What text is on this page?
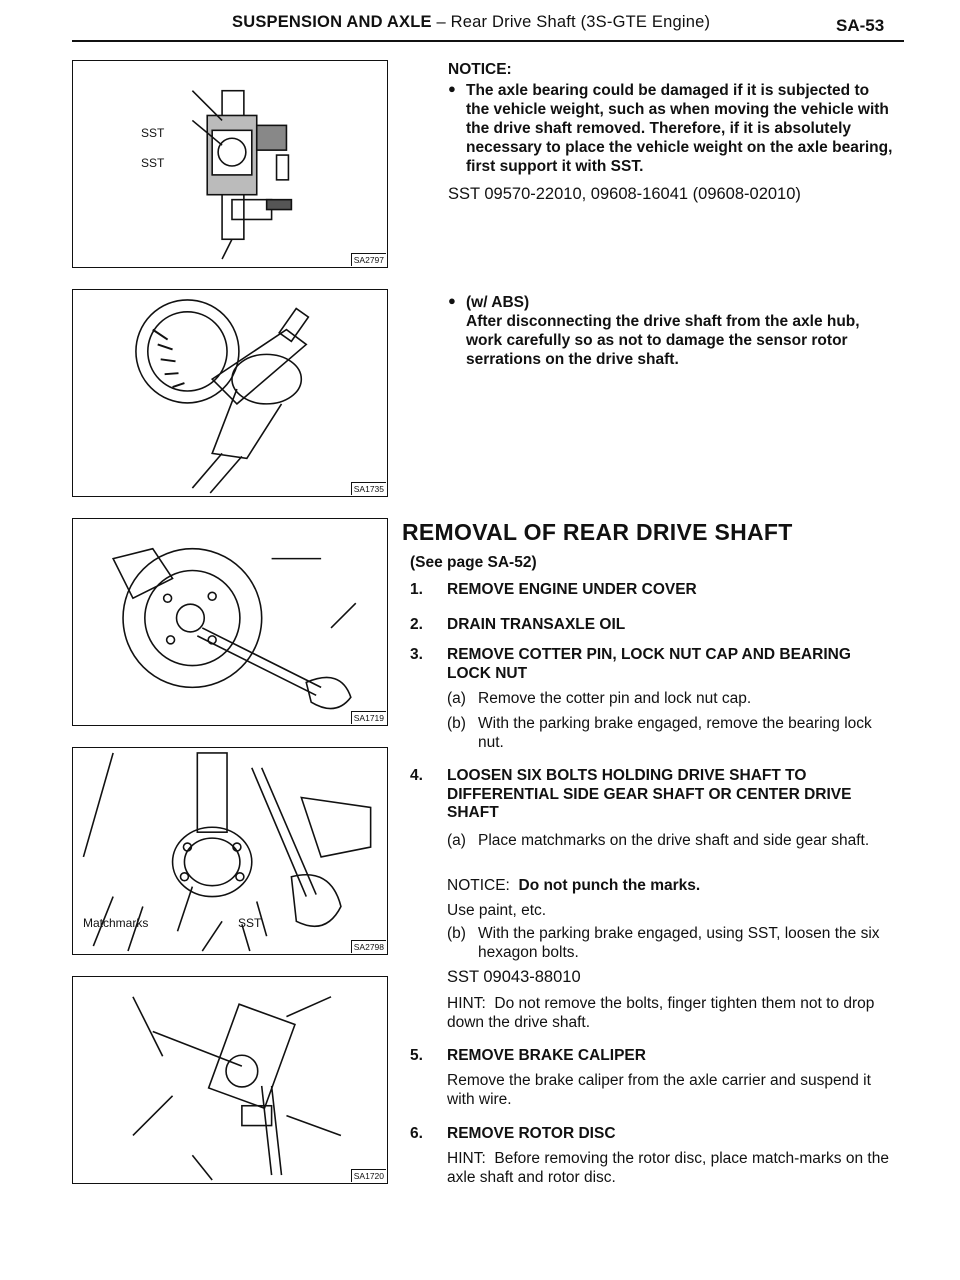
SUSPENSION AND AXLE – Rear Drive Shaft (3S-GTE Engine)	SA-53
SST
SST
SA2797
SA1735
SA1719
Matchmarks	SST
SA2798
SA1720
NOTICE:
● The axle bearing could be damaged if it is subjected to the vehicle weight, such as when moving the vehicle with the drive shaft removed. Therefore, if it is absolutely necessary to place the vehicle weight on the axle bearing, first support it with SST.
SST 09570-22010, 09608-16041 (09608-02010)
● (w/ ABS)
After disconnecting the drive shaft from the axle hub, work carefully so as not to damage the sensor rotor serrations on the drive shaft.
REMOVAL OF REAR DRIVE SHAFT
(See page SA-52)
1. REMOVE ENGINE UNDER COVER
2. DRAIN TRANSAXLE OIL
3. REMOVE COTTER PIN, LOCK NUT CAP AND BEARING LOCK NUT
(a) Remove the cotter pin and lock nut cap.
(b) With the parking brake engaged, remove the bearing lock nut.
4. LOOSEN SIX BOLTS HOLDING DRIVE SHAFT TO DIFFERENTIAL SIDE GEAR SHAFT OR CENTER DRIVE SHAFT
(a) Place matchmarks on the drive shaft and side gear shaft.
NOTICE: Do not punch the marks.
Use paint, etc.
(b) With the parking brake engaged, using SST, loosen the six hexagon bolts.
SST 09043-88010
HINT: Do not remove the bolts, finger tighten them not to drop down the drive shaft.
5. REMOVE BRAKE CALIPER
Remove the brake caliper from the axle carrier and suspend it with wire.
6. REMOVE ROTOR DISC
HINT: Before removing the rotor disc, place match-marks on the axle shaft and rotor disc.
